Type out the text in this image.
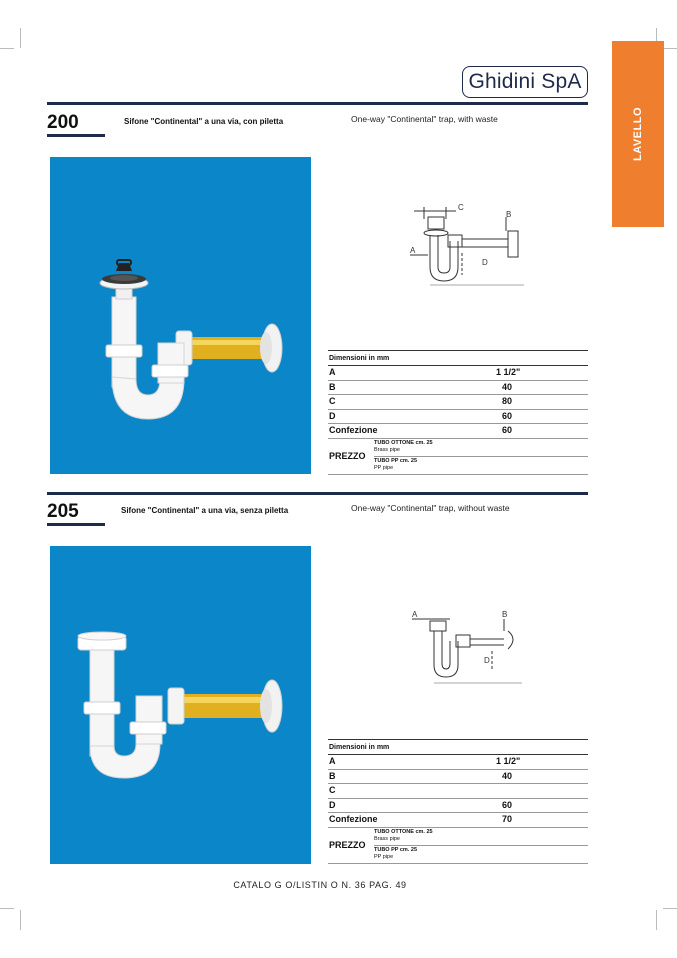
Ghidini SpA
LAVELLO
200	Sifone "Continental" a una via, con piletta	One-way "Continental" trap, with waste
C
B
A
D
Dimensioni in mm
A	1 1/2"
B	40
C	80
D	60
Confezione	60
PREZZO
TUBO OTTONE cm. 25
Brass pipe
TUBO PP cm. 25
PP pipe
205	Sifone "Continental" a una via, senza piletta	One-way "Continental" trap, without waste
A	B
D
Dimensioni in mm
A	1 1/2"
B	40
C
D	60
Confezione	70
PREZZO
TUBO OTTONE cm. 25
Brass pipe
TUBO PP cm. 25
PP pipe
CATALO G O/LISTIN O N. 36 PAG. 49
